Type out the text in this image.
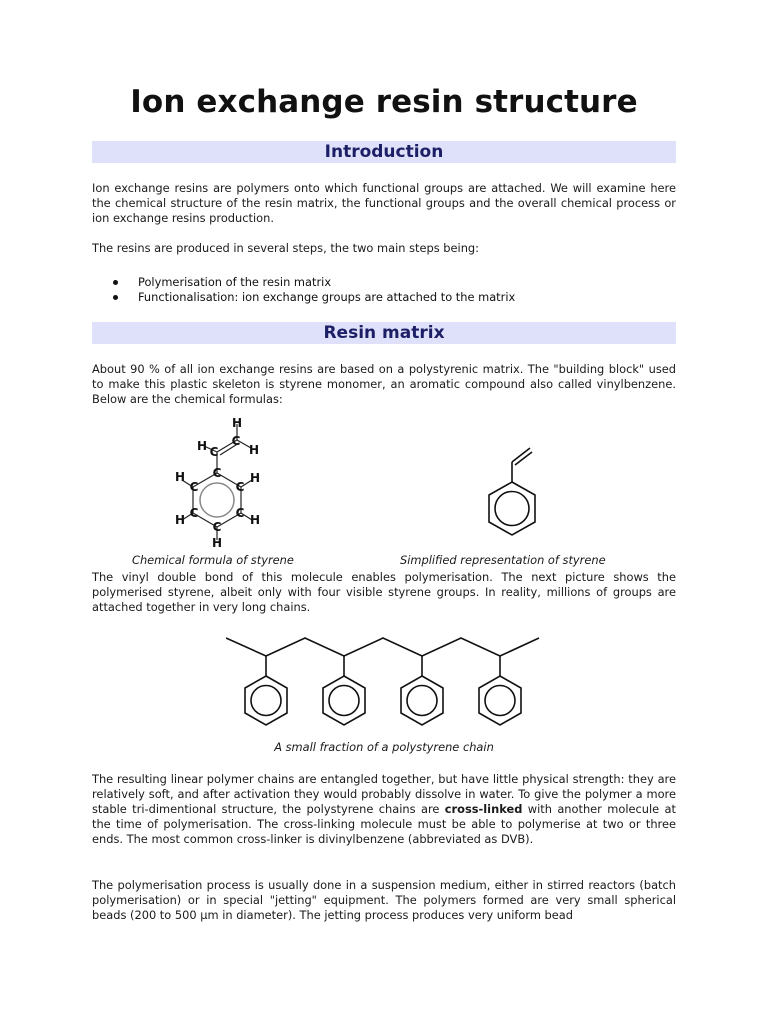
Ion exchange resin structure
Introduction

Ion exchange resins are polymers onto which functional groups are attached. We will examine here the chemical structure of the resin matrix, the functional groups and the overall chemical process or ion exchange resins production.

The resins are produced in several steps, the two main steps being:

Polymerisation of the resin matrix
Functionalisation: ion exchange groups are attached to the matrix
Resin matrix

About 90 % of all ion exchange resins are based on a polystyrenic matrix. The "building block" used to make this plastic skeleton is styrene monomer, an aromatic compound also called vinylbenzene. Below are the chemical formulas:

H
H C
H
C
C
H
C	C
H
H C	C H
C
H
Chemical formula of styrene	Simplified representation of styrene

The vinyl double bond of this molecule enables polymerisation. The next picture shows the polymerised styrene, albeit only with four visible styrene groups. In reality, millions of groups are attached together in very long chains.

A small fraction of a polystyrene chain

The resulting linear polymer chains are entangled together, but have little physical strength: they are relatively soft, and after activation they would probably dissolve in water. To give the polymer a more stable tri-dimentional structure, the polystyrene chains are cross-linked with another molecule at the time of polymerisation. The cross-linking molecule must be able to polymerise at two or three ends. The most common cross-linker is divinylbenzene (abbreviated as DVB).

The polymerisation process is usually done in a suspension medium, either in stirred reactors (batch polymerisation) or in special "jetting" equipment. The polymers formed are very small spherical beads (200 to 500 µm in diameter). The jetting process produces very uniform bead
